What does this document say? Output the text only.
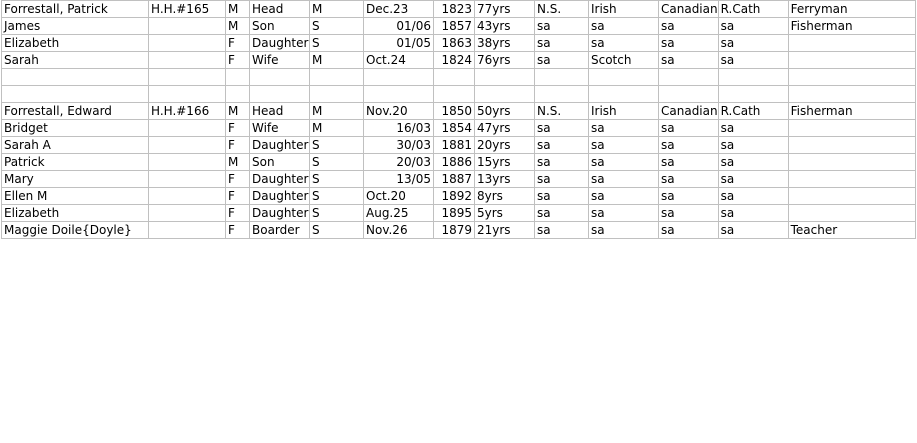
Forrestall, Patrick	H.H.#165	M	Head	M	Dec.23	1823	77yrs	N.S.	Irish	Canadian	R.Cath	Ferryman
James		M	Son	S	01/06	1857	43yrs	sa	sa	sa	sa	Fisherman
Elizabeth		F	Daughter	S	01/05	1863	38yrs	sa	sa	sa	sa	
Sarah		F	Wife	M	Oct.24	1824	76yrs	sa	Scotch	sa	sa	

Forrestall, Edward	H.H.#166	M	Head	M	Nov.20	1850	50yrs	N.S.	Irish	Canadian	R.Cath	Fisherman
Bridget		F	Wife	M	16/03	1854	47yrs	sa	sa	sa	sa	
Sarah A		F	Daughter	S	30/03	1881	20yrs	sa	sa	sa	sa	
Patrick		M	Son	S	20/03	1886	15yrs	sa	sa	sa	sa	
Mary		F	Daughter	S	13/05	1887	13yrs	sa	sa	sa	sa	
Ellen M		F	Daughter	S	Oct.20	1892	8yrs	sa	sa	sa	sa	
Elizabeth		F	Daughter	S	Aug.25	1895	5yrs	sa	sa	sa	sa	
Maggie Doile{Doyle}		F	Boarder	S	Nov.26	1879	21yrs	sa	sa	sa	sa	Teacher
